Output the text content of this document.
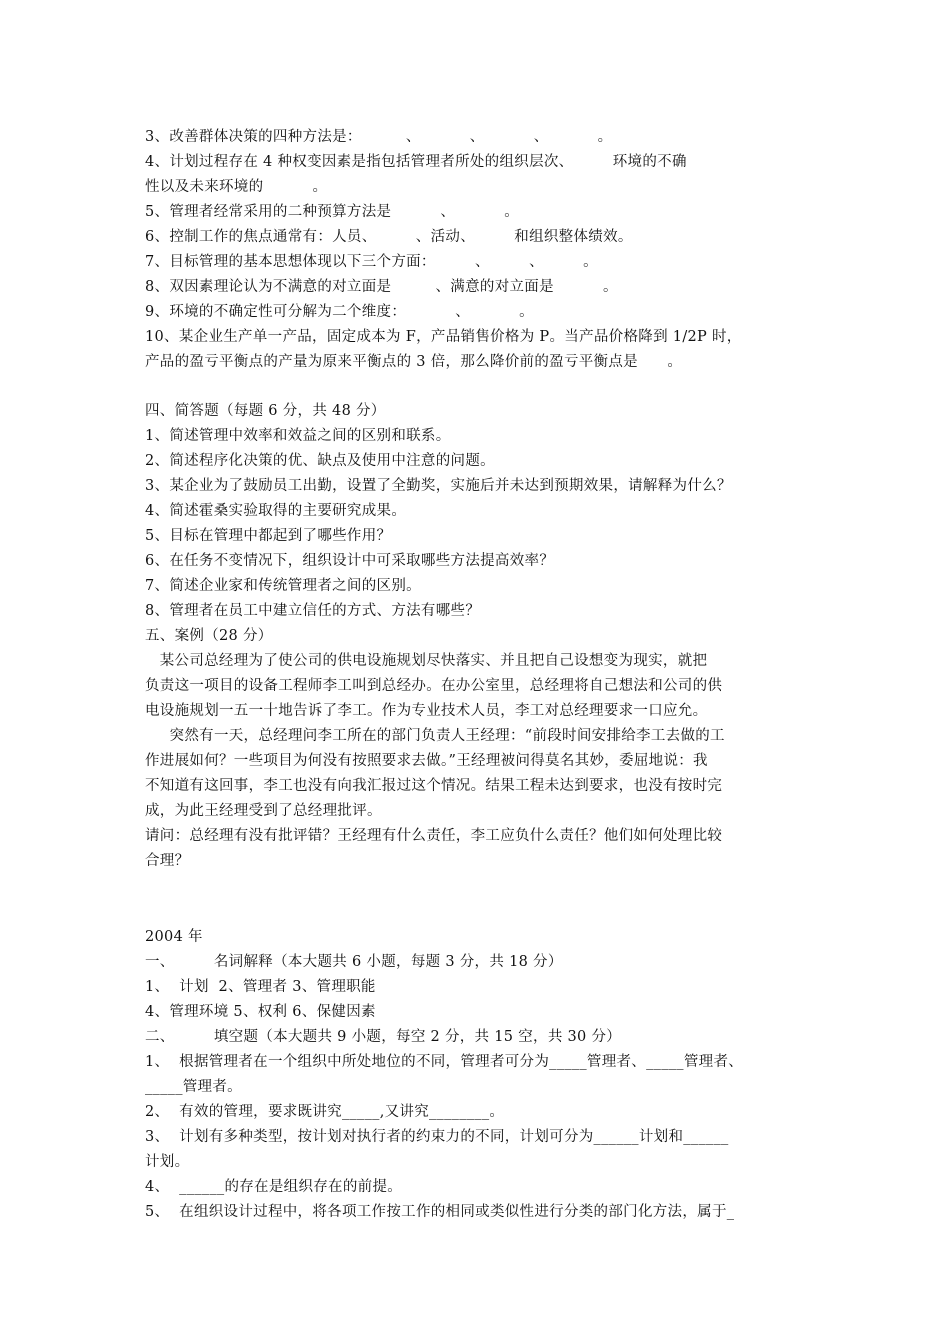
3、改善群体决策的四种方法是：         、          、          、          。
4、计划过程存在 4 种权变因素是指包括管理者所处的组织层次、        环境的不确
性以及未来环境的          。
5、管理者经常采用的二种预算方法是          、          。
6、控制工作的焦点通常有：人员、        、活动、        和组织整体绩效。
7、目标管理的基本思想体现以下三个方面：        、        、        。
8、双因素理论认为不满意的对立面是         、满意的对立面是          。
9、环境的不确定性可分解为二个维度：          、          。
10、某企业生产单一产品，固定成本为 F，产品销售价格为 P。当产品价格降到 1/2P 时，
产品的盈亏平衡点的产量为原来平衡点的 3 倍，那么降价前的盈亏平衡点是      。
四、简答题（每题 6 分，共 48 分）
1、简述管理中效率和效益之间的区别和联系。
2、简述程序化决策的优、缺点及使用中注意的问题。
3、某企业为了鼓励员工出勤，设置了全勤奖，实施后并未达到预期效果，请解释为什么？
4、简述霍桑实验取得的主要研究成果。
5、目标在管理中都起到了哪些作用？
6、在任务不变情况下，组织设计中可采取哪些方法提高效率？
7、简述企业家和传统管理者之间的区别。
8、管理者在员工中建立信任的方式、方法有哪些？
五、案例（28 分）
某公司总经理为了使公司的供电设施规划尽快落实、并且把自己设想变为现实，就把
负责这一项目的设备工程师李工叫到总经办。在办公室里，总经理将自己想法和公司的供
电设施规划一五一十地告诉了李工。作为专业技术人员，李工对总经理要求一口应允。
突然有一天，总经理问李工所在的部门负责人王经理：“前段时间安排给李工去做的工
作进展如何？一些项目为何没有按照要求去做。”王经理被问得莫名其妙，委屈地说：我
不知道有这回事，李工也没有向我汇报过这个情况。结果工程未达到要求，也没有按时完
成，为此王经理受到了总经理批评。
请问：总经理有没有批评错？王经理有什么责任，李工应负什么责任？他们如何处理比较
合理？
2004 年
一、        名词解释（本大题共 6 小题，每题 3 分，共 18 分）
1、  计划  2、管理者 3、管理职能
4、管理环境 5、权利 6、保健因素
二、        填空题（本大题共 9 小题，每空 2 分，共 15 空，共 30 分）
1、  根据管理者在一个组织中所处地位的不同，管理者可分为_____管理者、_____管理者、
_____管理者。
2、  有效的管理，要求既讲究_____,又讲究________。
3、  计划有多种类型，按计划对执行者的约束力的不同，计划可分为______计划和______
计划。
4、  ______的存在是组织存在的前提。
5、  在组织设计过程中，将各项工作按工作的相同或类似性进行分类的部门化方法，属于_
